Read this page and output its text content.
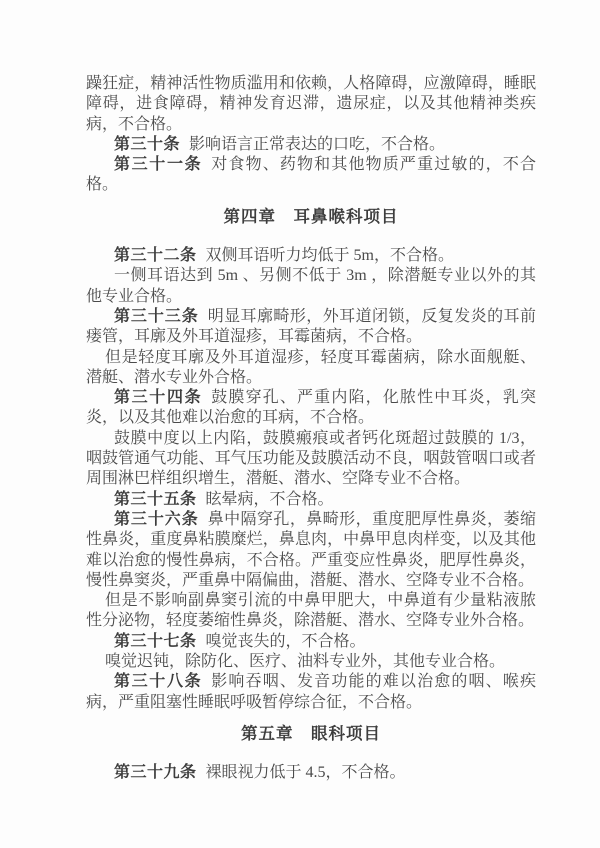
躁狂症，精神活性物质滥用和依赖，人格障碍，应激障碍，睡眠障碍，进食障碍，精神发育迟滞，遗尿症，以及其他精神类疾病，不合格。

第三十条 影响语言正常表达的口吃，不合格。

第三十一条 对食物、药物和其他物质严重过敏的，不合格。

第四章　耳鼻喉科项目

第三十二条 双侧耳语听力均低于 5m，不合格。

一侧耳语达到 5m 、另侧不低于 3m ，除潜艇专业以外的其他专业合格。

第三十三条 明显耳廓畸形，外耳道闭锁，反复发炎的耳前瘘管，耳廓及外耳道湿疹，耳霉菌病，不合格。

但是轻度耳廓及外耳道湿疹，轻度耳霉菌病，除水面舰艇、潜艇、潜水专业外合格。

第三十四条 鼓膜穿孔、严重内陷，化脓性中耳炎，乳突炎，以及其他难以治愈的耳病，不合格。

鼓膜中度以上内陷，鼓膜瘢痕或者钙化斑超过鼓膜的 1/3，咽鼓管通气功能、耳气压功能及鼓膜活动不良，咽鼓管咽口或者周围淋巴样组织增生，潜艇、潜水、空降专业不合格。

第三十五条 眩晕病，不合格。

第三十六条 鼻中隔穿孔，鼻畸形，重度肥厚性鼻炎，萎缩性鼻炎，重度鼻粘膜糜烂，鼻息肉，中鼻甲息肉样变，以及其他难以治愈的慢性鼻病，不合格。严重变应性鼻炎，肥厚性鼻炎，慢性鼻窦炎，严重鼻中隔偏曲，潜艇、潜水、空降专业不合格。

但是不影响副鼻窦引流的中鼻甲肥大，中鼻道有少量粘液脓性分泌物，轻度萎缩性鼻炎，除潜艇、潜水、空降专业外合格。

第三十七条 嗅觉丧失的，不合格。

嗅觉迟钝，除防化、医疗、油料专业外，其他专业合格。

第三十八条 影响吞咽、发音功能的难以治愈的咽、喉疾病，严重阻塞性睡眠呼吸暂停综合征，不合格。

第五章　眼科项目

第三十九条 裸眼视力低于 4.5，不合格。
